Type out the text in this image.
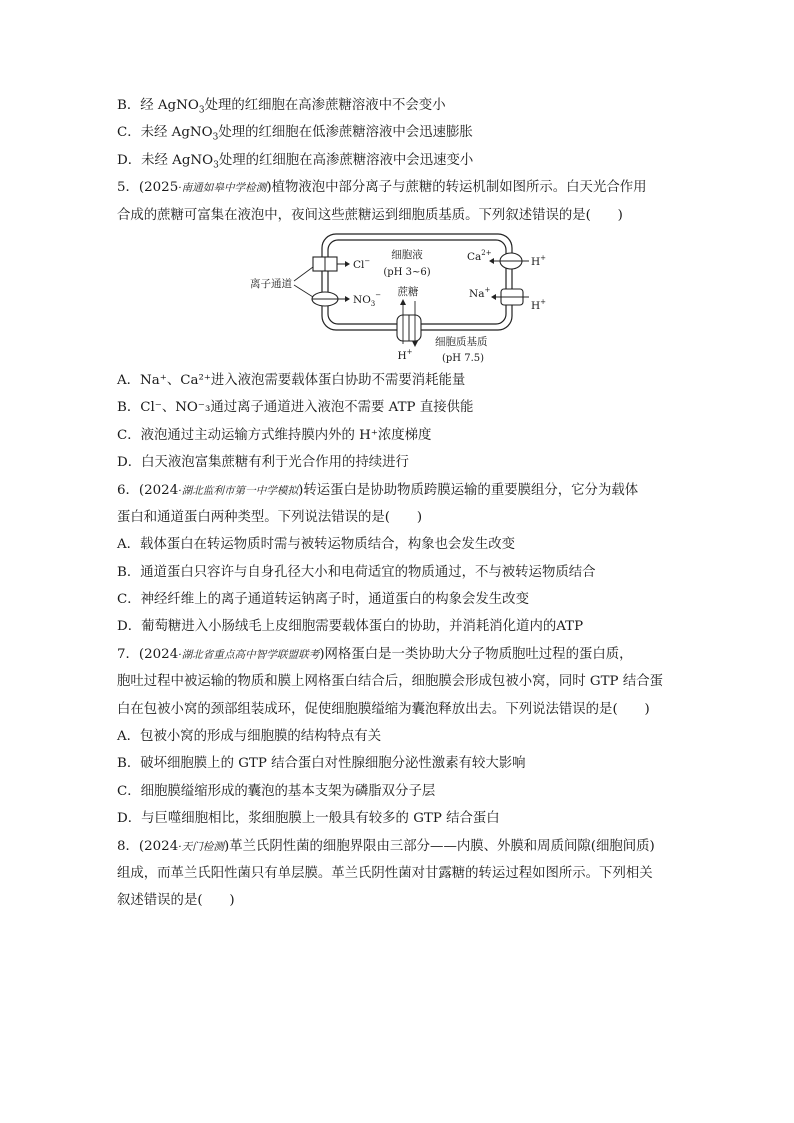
B．经 AgNO$_3$处理的红细胞在高渗蔗糖溶液中不会变小
C．未经 AgNO$_3$处理的红细胞在低渗蔗糖溶液中会迅速膨胀
D．未经 AgNO$_3$处理的红细胞在高渗蔗糖溶液中会迅速变小
5．(2025·南通如皋中学检测)植物液泡中部分离子与蔗糖的转运机制如图所示。白天光合作用
合成的蔗糖可富集在液泡中，夜间这些蔗糖运到细胞质基质。下列叙述错误的是(　　)
细胞液
(pH 3~6)
Cl−
$NO_3^-$
离子通道
蔗糖
H+
$Ca^{2+}$
H+
Na+
H+
细胞质基质
(pH 7.5)
A．Na⁺、Ca²⁺进入液泡需要载体蛋白协助不需要消耗能量
B．Cl⁻、NO⁻₃通过离子通道进入液泡不需要 ATP 直接供能
C．液泡通过主动运输方式维持膜内外的 H⁺浓度梯度
D．白天液泡富集蔗糖有利于光合作用的持续进行
6．(2024·湖北监利市第一中学模拟)转运蛋白是协助物质跨膜运输的重要膜组分，它分为载体
蛋白和通道蛋白两种类型。下列说法错误的是(　　)
A．载体蛋白在转运物质时需与被转运物质结合，构象也会发生改变
B．通道蛋白只容许与自身孔径大小和电荷适宜的物质通过，不与被转运物质结合
C．神经纤维上的离子通道转运钠离子时，通道蛋白的构象会发生改变
D．葡萄糖进入小肠绒毛上皮细胞需要载体蛋白的协助，并消耗消化道内的ATP
7．(2024·湖北省重点高中智学联盟联考)网格蛋白是一类协助大分子物质胞吐过程的蛋白质，
胞吐过程中被运输的物质和膜上网格蛋白结合后，细胞膜会形成包被小窝，同时 GTP 结合蛋
白在包被小窝的颈部组装成环，促使细胞膜缢缩为囊泡释放出去。下列说法错误的是(　　)
A．包被小窝的形成与细胞膜的结构特点有关
B．破坏细胞膜上的 GTP 结合蛋白对性腺细胞分泌性激素有较大影响
C．细胞膜缢缩形成的囊泡的基本支架为磷脂双分子层
D．与巨噬细胞相比，浆细胞膜上一般具有较多的 GTP 结合蛋白
8．(2024·天门检测)革兰氏阴性菌的细胞界限由三部分——内膜、外膜和周质间隙(细胞间质)
组成，而革兰氏阳性菌只有单层膜。革兰氏阴性菌对甘露糖的转运过程如图所示。下列相关
叙述错误的是(　　)
